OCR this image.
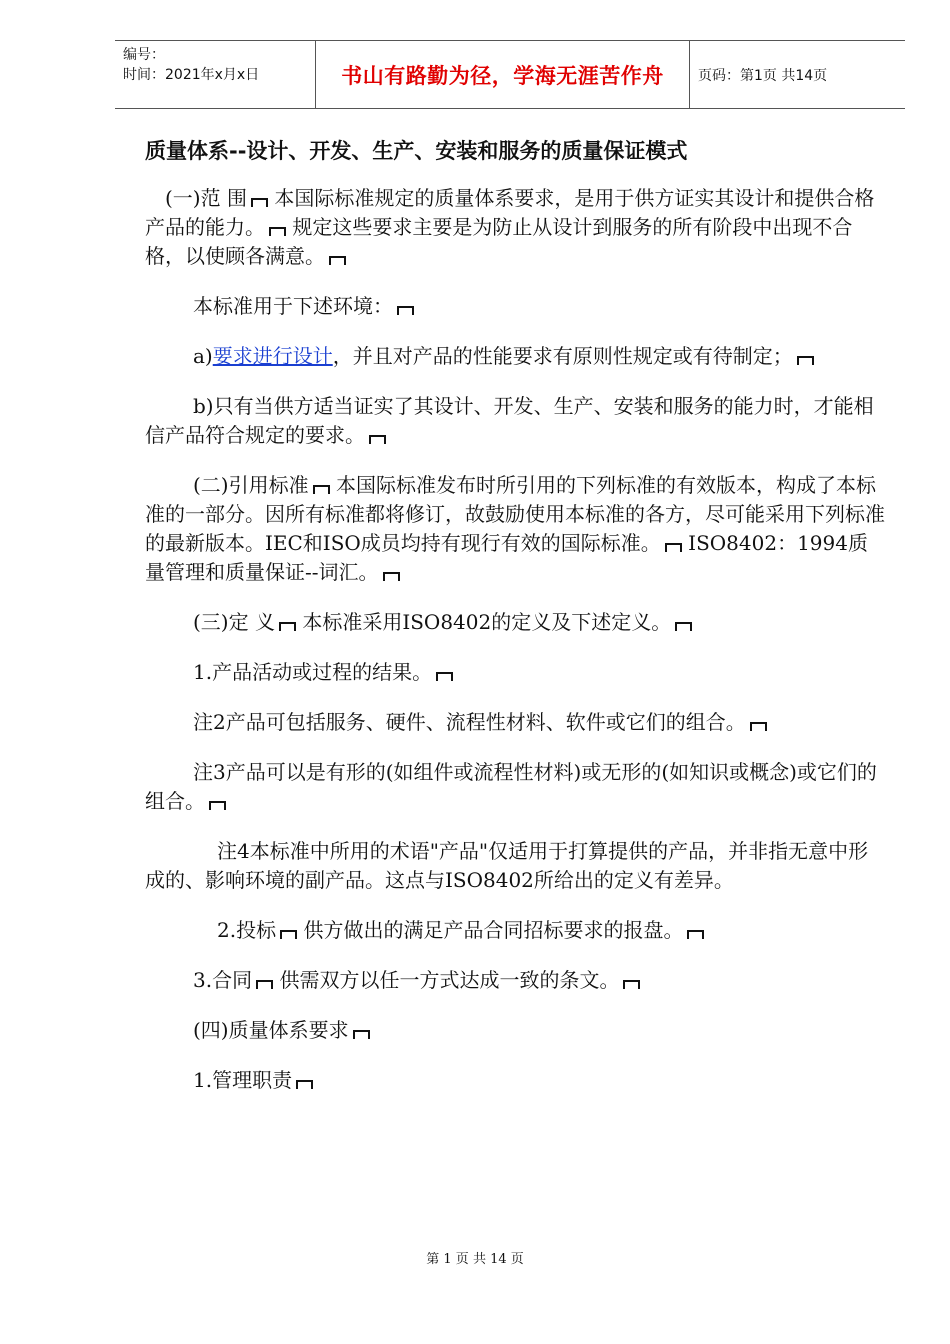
编号：
时间：2021年x月x日	书山有路勤为径，学海无涯苦作舟	页码：第1页 共14页
质量体系--设计、开发、生产、安装和服务的质量保证模式

(一)范 围 本国际标准规定的质量体系要求，是用于供方证实其设计和提供合格产品的能力。 规定这些要求主要是为防止从设计到服务的所有阶段中出现不合格，以使顾各满意。

本标准用于下述环境：

a)要求进行设计，并且对产品的性能要求有原则性规定或有待制定；

b)只有当供方适当证实了其设计、开发、生产、安装和服务的能力时，才能相信产品符合规定的要求。

(二)引用标准 本国际标准发布时所引用的下列标准的有效版本，构成了本标准的一部分。因所有标准都将修订，故鼓励使用本标准的各方，尽可能采用下列标准的最新版本。IEC和ISO成员均持有现行有效的国际标准。 ISO8402：1994质量管理和质量保证--词汇。

(三)定 义 本标准采用ISO8402的定义及下述定义。

1.产品活动或过程的结果。

注2产品可包括服务、硬件、流程性材料、软件或它们的组合。

注3产品可以是有形的(如组件或流程性材料)或无形的(如知识或概念)或它们的组合。

注4本标准中所用的术语"产品"仅适用于打算提供的产品，并非指无意中形成的、影响环境的副产品。这点与ISO8402所给出的定义有差异。

2.投标 供方做出的满足产品合同招标要求的报盘。

3.合同 供需双方以任一方式达成一致的条文。

(四)质量体系要求

1.管理职责

第 1 页 共 14 页
